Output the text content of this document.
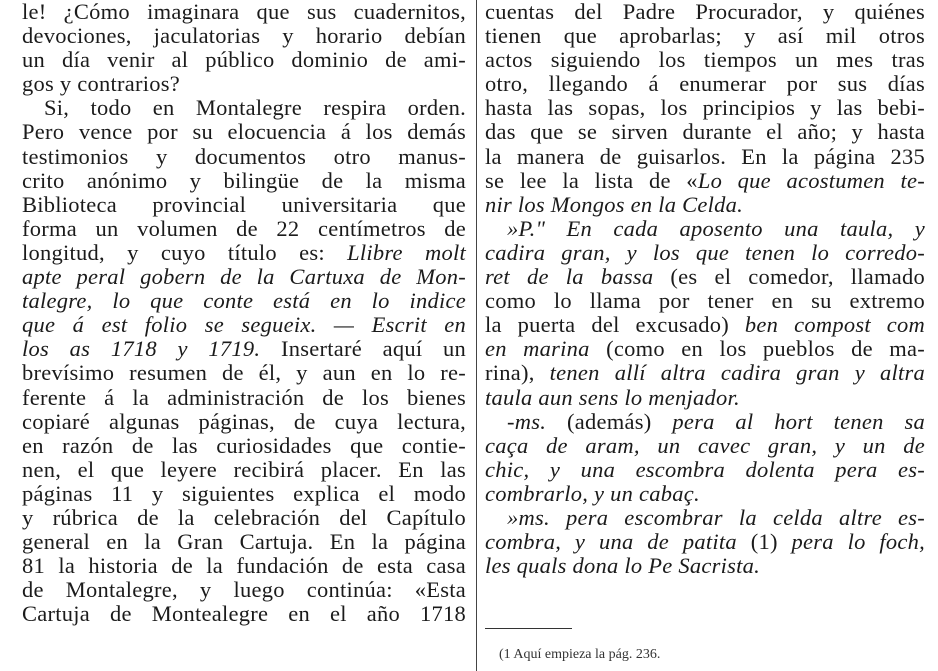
le! ¿Cómo imaginara que sus cuadernitos,
devociones, jaculatorias y horario debían
un día venir al público dominio de ami-
gos y contrarios?
Si, todo en Montalegre respira orden.
Pero vence por su elocuencia á los demás
testimonios y documentos otro manus-
crito anónimo y bilingüe de la misma
Biblioteca provincial universitaria que
forma un volumen de 22 centímetros de
longitud, y cuyo título es: Llibre molt
apte peral gobern de la Cartuxa de Mon-
talegre, lo que conte está en lo indice
que á est folio se segueix. — Escrit en
los as 1718 y 1719. Insertaré aquí un
brevísimo resumen de él, y aun en lo re-
ferente á la administración de los bienes
copiaré algunas páginas, de cuya lectura,
en razón de las curiosidades que contie-
nen, el que leyere recibirá placer. En las
páginas 11 y siguientes explica el modo
y rúbrica de la celebración del Capítulo
general en la Gran Cartuja. En la página
81 la historia de la fundación de esta casa
de Montalegre, y luego continúa: «Esta
Cartuja de Montealegre en el año 1718
cuentas del Padre Procurador, y quiénes
tienen que aprobarlas; y así mil otros
actos siguiendo los tiempos un mes tras
otro, llegando á enumerar por sus días
hasta las sopas, los principios y las bebi-
das que se sirven durante el año; y hasta
la manera de guisarlos. En la página 235
se lee la lista de «Lo que acostumen te-
nir los Mongos en la Celda.
»P." En cada aposento una taula, y
cadira gran, y los que tenen lo corredo-
ret de la bassa (es el comedor, llamado
como lo llama por tener en su extremo
la puerta del excusado) ben compost com
en marina (como en los pueblos de ma-
rina), tenen allí altra cadira gran y altra
taula aun sens lo menjador.
-ms. (además) pera al hort tenen sa
caça de aram, un cavec gran, y un de
chic, y una escombra dolenta pera es-
combrarlo, y un cabaç.
»ms. pera escombrar la celda altre es-
combra, y una de patita (1) pera lo foch,
les quals dona lo Pe Sacrista.
(1 Aquí empieza la pág. 236.
